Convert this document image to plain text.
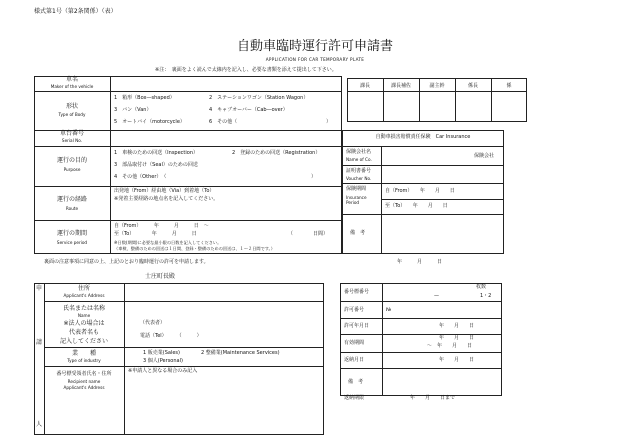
様式第1号（第2条関係）（表）
自動車臨時運行許可申請書
APPLICATION FOR CAR TEMPORARY PLATE
※注：　裏面をよく読んで太線内を記入し、必要な書類を添えて提出して下さい。
課長	課長補佐	副主幹	係長	係
車名
Maker of the vehicle
形状
Type of Body
1　箱形（Box―shaped）	2　ステーションワゴン（Station Wagon）
3　バン（Van）	4　キャブオーバー（Cab―over）
5　オートバイ（motorcycle）	6　その他（	）
車台番号
Serial No.
運行の目的
Purpose
1　車検のための回送（Inspection）	2　登録のための回送（Registration）
3　部品取付け（Seal）のための回送
4　その他（Other）　（	）
運行の経路
Route
出発地（From）経由地（Via）到着地（To）
※発着主要経路の地点名を記入してください。
運行の期間
Service period
自（From）　　　年　　　月　　　日　～
至（To）　　　　年　　　月　　　日	（　　　　日間）
※日数(期間)に必要な最小限の日数を記入してください。
（車検、整備のための回送は１日間、登録・整備のための回送は、１～２日間です。）
自動車損害賠償責任保険　Car Insurance
保険会社名
Name of Co.
保険会社
証明書番号
Voucher No.
保険期間
Insurance Period
自（From）　　年　　月　　日
至（To）　　年　　月　　日
備　考
裏面の注意事項に同意の上、上記のとおり臨時運行の許可を申請します。	年　　　月　　　日
士庄町長殿
申
請
人
住所
Applicant's Address
氏名または名称
Name
※法人の場合は
代表者名も
記入してください
（代表者）
電話（Tel）　　　（　　　）
業　　種
Type of industry
1 販売業(Sales)	2 整備業(Maintenance Services)
3 個人(Personal)
番号標受領者氏名・住所
Recipient name
Applicant's Address
※申請人と異なる場合のみ記入
番号標番号
枚数
—	1・2
許可番号	№
許可年月日	年　　月　　日
有効期間
年　　月　　日
～　年　　月　　日
返納月日	年　　月　　日
備　考
返納期限	年　　月　　日まで
